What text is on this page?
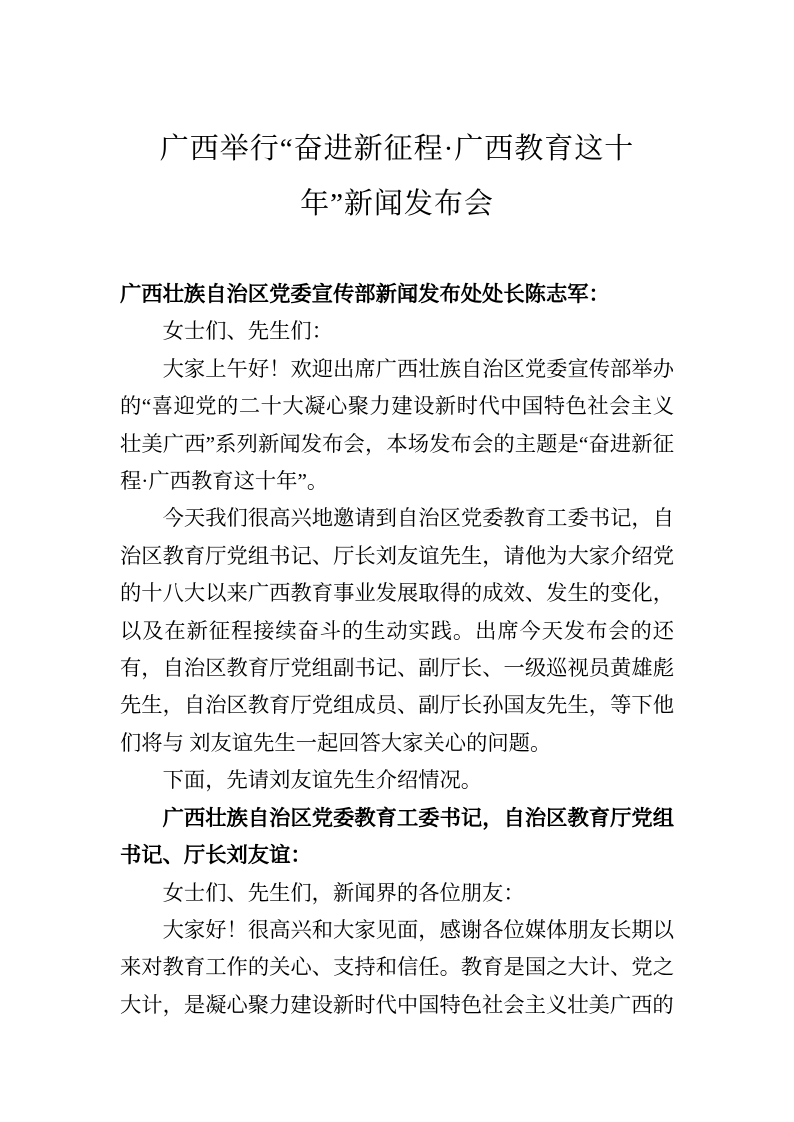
广西举行“奋进新征程·广西教育这十
年”新闻发布会

广西壮族自治区党委宣传部新闻发布处处长陈志军：

女士们、先生们：

大家上午好！欢迎出席广西壮族自治区党委宣传部举办的“喜迎党的二十大凝心聚力建设新时代中国特色社会主义壮美广西”系列新闻发布会，本场发布会的主题是“奋进新征程·广西教育这十年”。

今天我们很高兴地邀请到自治区党委教育工委书记，自治区教育厅党组书记、厅长刘友谊先生，请他为大家介绍党的十八大以来广西教育事业发展取得的成效、发生的变化， 以及在新征程接续奋斗的生动实践。出席今天发布会的还有，自治区教育厅党组副书记、副厅长、一级巡视员黄雄彪先生，自治区教育厅党组成员、副厅长孙国友先生，等下他们将与 刘友谊先生一起回答大家关心的问题。

下面，先请刘友谊先生介绍情况。

广西壮族自治区党委教育工委书记，自治区教育厅党组书记、厅长刘友谊：

女士们、先生们，新闻界的各位朋友：

大家好！很高兴和大家见面，感谢各位媒体朋友长期以来对教育工作的关心、支持和信任。教育是国之大计、党之大计，是凝心聚力建设新时代中国特色社会主义壮美广西的
